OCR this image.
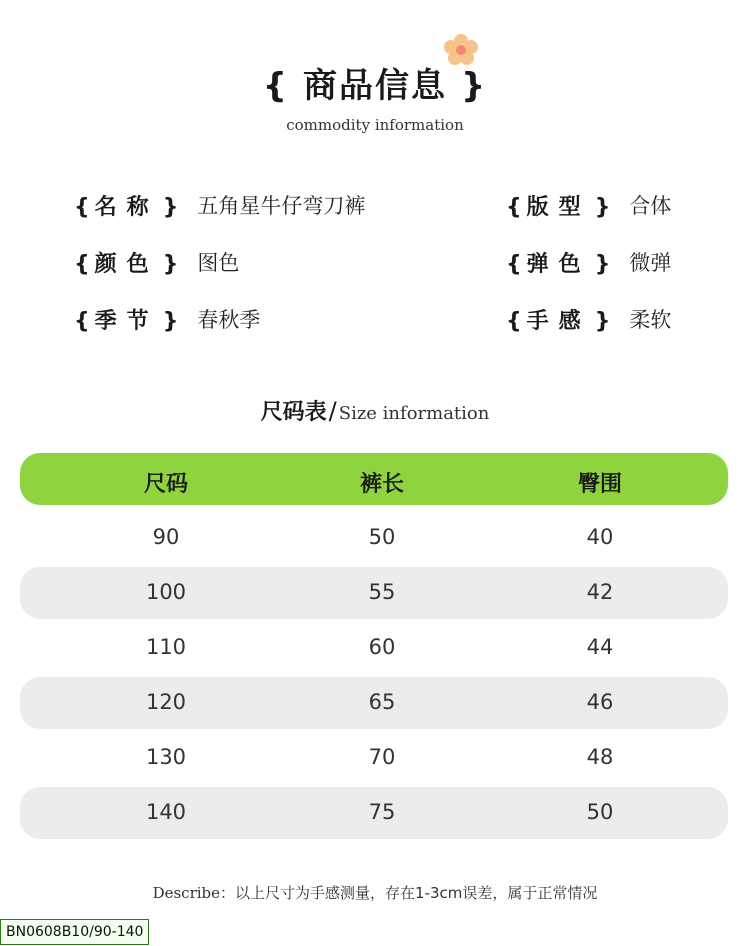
{ 商品信息 }
commodity information
{ 名称 } 五角星牛仔弯刀裤
{ 颜色 } 图色
{ 季节 } 春秋季
{ 版型 } 合体
{ 弹色 } 微弹
{ 手感 } 柔软
尺码表/ Size information
尺码	裤长	臀围
90	50	40
100	55	42
110	60	44
120	65	46
130	70	48
140	75	50
Describe：以上尺寸为手感测量，存在1-3cm误差，属于正常情况
BN0608B10/90-140
